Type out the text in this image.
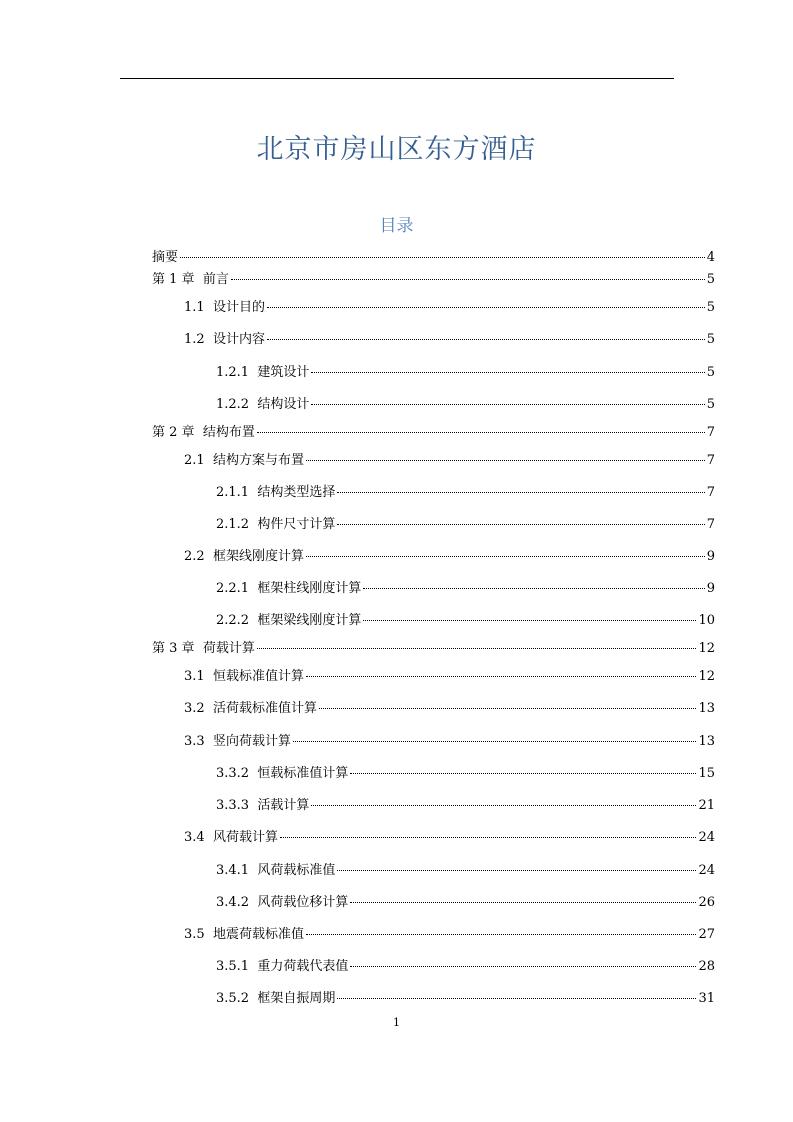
北京市房山区东方酒店
目录
摘要	4
第 1 章 前言	5
1.1 设计目的	5
1.2 设计内容	5
1.2.1 建筑设计	5
1.2.2 结构设计	5
第 2 章 结构布置	7
2.1 结构方案与布置	7
2.1.1 结构类型选择	7
2.1.2 构件尺寸计算	7
2.2 框架线刚度计算	9
2.2.1 框架柱线刚度计算	9
2.2.2 框架梁线刚度计算	10
第 3 章 荷载计算	12
3.1 恒载标准值计算	12
3.2 活荷载标准值计算	13
3.3 竖向荷载计算	13
3.3.2 恒载标准值计算	15
3.3.3 活载计算	21
3.4 风荷载计算	24
3.4.1 风荷载标准值	24
3.4.2 风荷载位移计算	26
3.5 地震荷载标准值	27
3.5.1 重力荷载代表值	28
3.5.2 框架自振周期	31
1
